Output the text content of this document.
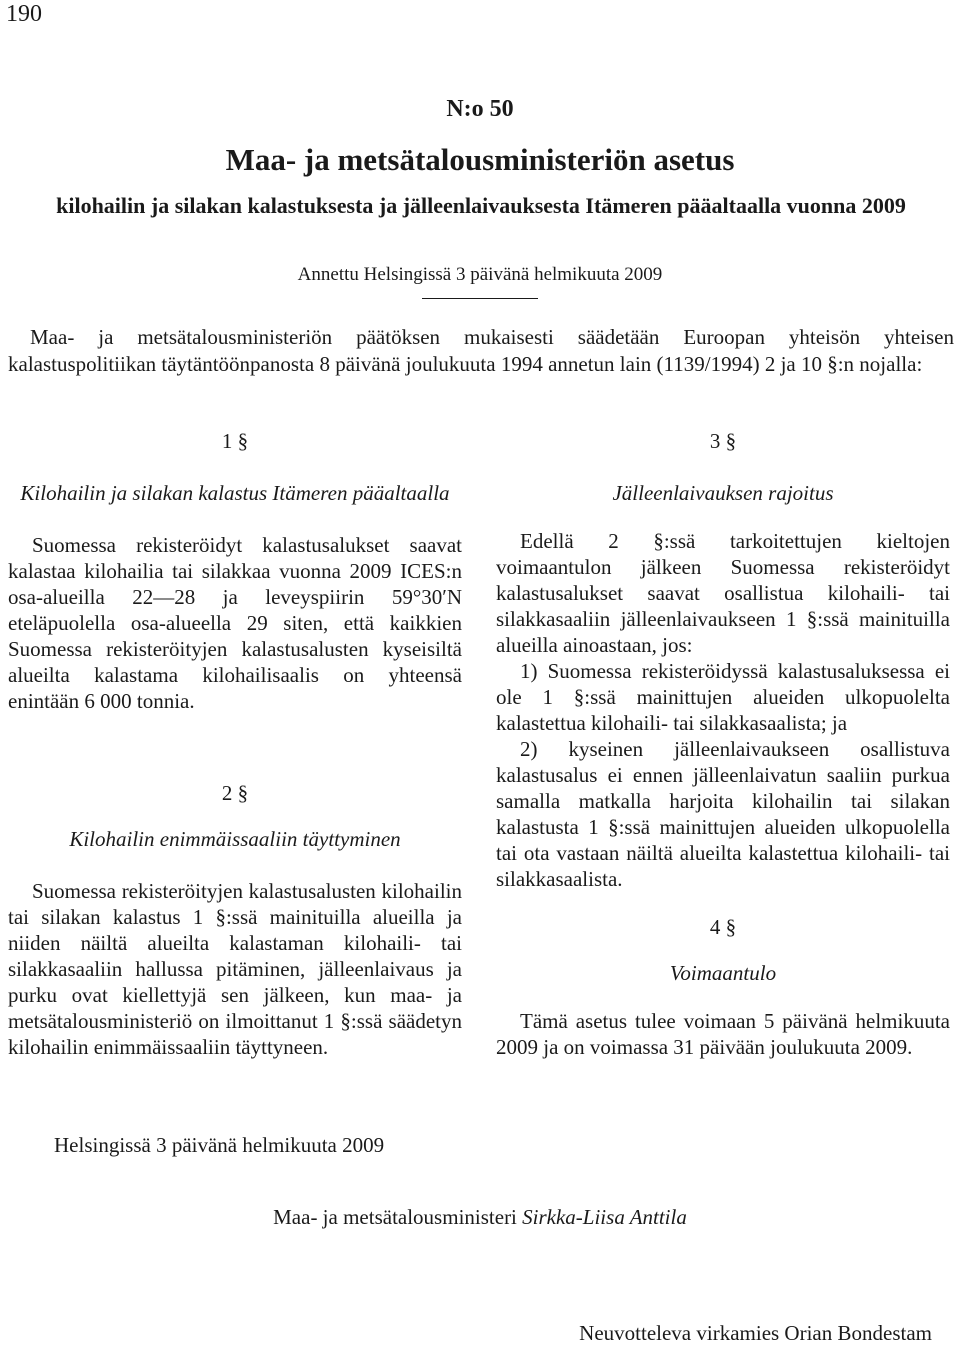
190
N:o 50
Maa- ja metsätalousministeriön asetus
kilohailin ja silakan kalastuksesta ja jälleenlaivauksesta Itämeren pääaltaalla vuonna 2009
Annettu Helsingissä 3 päivänä helmikuuta 2009

Maa- ja metsätalousministeriön päätöksen mukaisesti säädetään Euroopan yhteisön yhteisen kalastuspolitiikan täytäntöönpanosta 8 päivänä joulukuuta 1994 annetun lain (1139/1994) 2 ja 10 §:n nojalla:

1 §

Kilohailin ja silakan kalastus Itämeren pääaltaalla

Suomessa rekisteröidyt kalastusalukset saavat kalastaa kilohailia tai silakkaa vuonna 2009 ICES:n osa-alueilla 22—28 ja leveyspiirin 59°30′N eteläpuolella osa-alueella 29 siten, että kaikkien Suomessa rekisteröityjen kalastusalusten kyseisiltä alueilta kalastama kilohailisaalis on yhteensä enintään 6 000 tonnia.

2 §

Kilohailin enimmäissaaliin täyttyminen

Suomessa rekisteröityjen kalastusalusten kilohailin tai silakan kalastus 1 §:ssä mainituilla alueilla ja niiden näiltä alueilta kalastaman kilohaili- tai silakkasaaliin hallussa pitäminen, jälleenlaivaus ja purku ovat kiellettyjä sen jälkeen, kun maa- ja metsätalousministeriö on ilmoittanut 1 §:ssä säädetyn kilohailin enimmäissaaliin täyttyneen.

3 §

Jälleenlaivauksen rajoitus

Edellä 2 §:ssä tarkoitettujen kieltojen voimaantulon jälkeen Suomessa rekisteröidyt kalastusalukset saavat osallistua kilohaili- tai silakkasaaliin jälleenlaivaukseen 1 §:ssä mainituilla alueilla ainoastaan, jos:

1) Suomessa rekisteröidyssä kalastusaluksessa ei ole 1 §:ssä mainittujen alueiden ulkopuolelta kalastettua kilohaili- tai silakkasaalista; ja

2) kyseinen jälleenlaivaukseen osallistuva kalastusalus ei ennen jälleenlaivatun saaliin purkua samalla matkalla harjoita kilohailin tai silakan kalastusta 1 §:ssä mainittujen alueiden ulkopuolella tai ota vastaan näiltä alueilta kalastettua kilohaili- tai silakkasaalista.

4 §

Voimaantulo

Tämä asetus tulee voimaan 5 päivänä helmikuuta 2009 ja on voimassa 31 päivään joulukuuta 2009.

Helsingissä 3 päivänä helmikuuta 2009
Maa- ja metsätalousministeri Sirkka-Liisa Anttila
Neuvotteleva virkamies Orian Bondestam
